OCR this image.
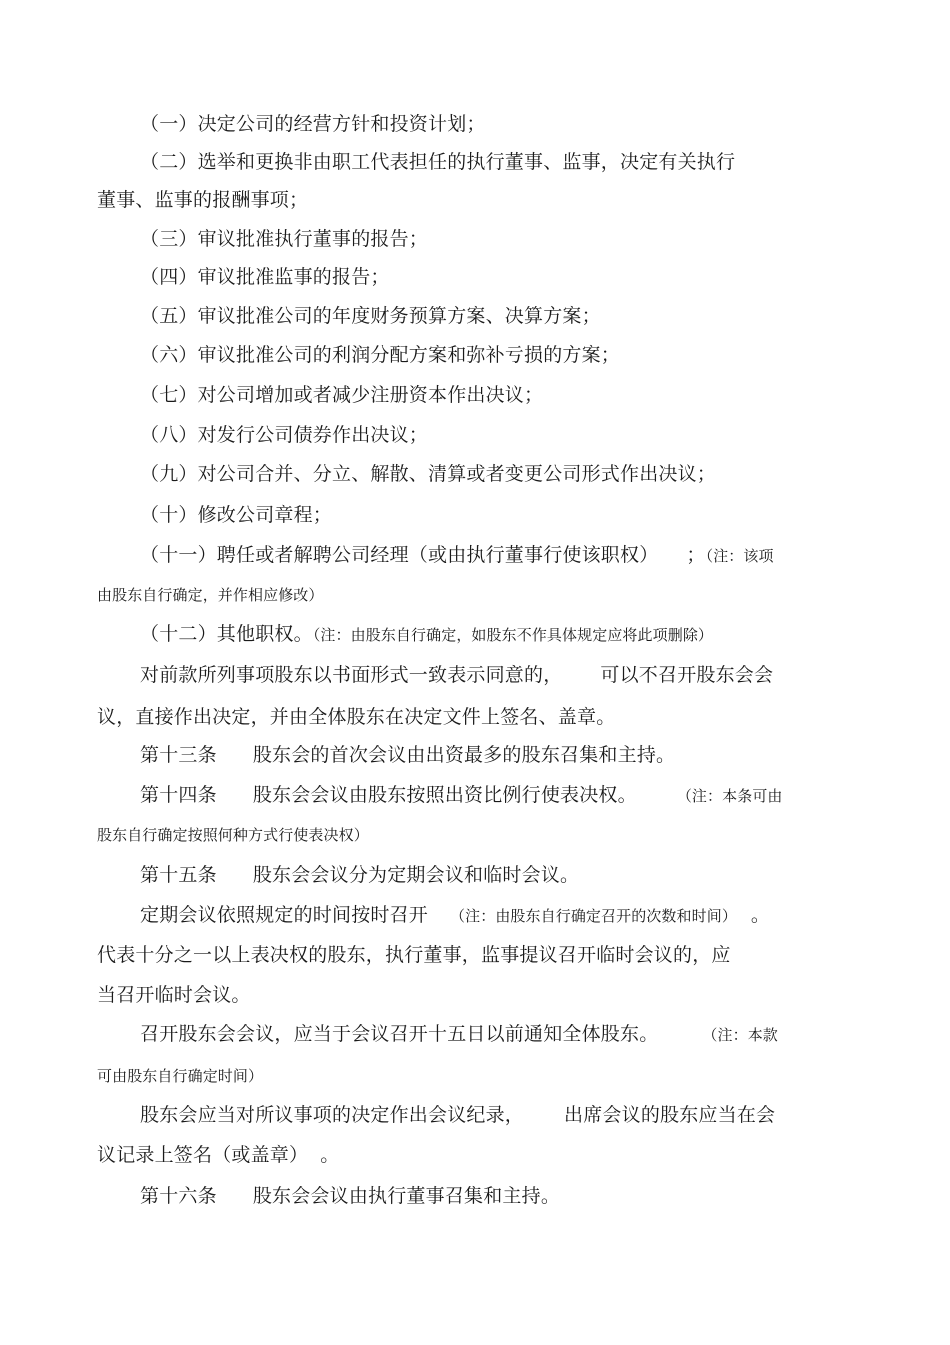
（一）决定公司的经营方针和投资计划；
（二）选举和更换非由职工代表担任的执行董事、监事，决定有关执行
董事、监事的报酬事项；
（三）审议批准执行董事的报告；
（四）审议批准监事的报告；
（五）审议批准公司的年度财务预算方案、决算方案；
（六）审议批准公司的利润分配方案和弥补亏损的方案；
（七）对公司增加或者减少注册资本作出决议；
（八）对发行公司债券作出决议；
（九）对公司合并、分立、解散、清算或者变更公司形式作出决议；
（十）修改公司章程；
（十一）聘任或者解聘公司经理（或由执行董事行使该职权） ；（注：该项
由股东自行确定，并作相应修改）
（十二）其他职权。（注：由股东自行确定，如股东不作具体规定应将此项删除）
对前款所列事项股东以书面形式一致表示同意的， 可以不召开股东会会
议，直接作出决定，并由全体股东在决定文件上签名、盖章。
第十三条 股东会的首次会议由出资最多的股东召集和主持。
第十四条 股东会会议由股东按照出资比例行使表决权。	（注：本条可由
股东自行确定按照何种方式行使表决权）
第十五条 股东会会议分为定期会议和临时会议。
定期会议依照规定的时间按时召开 （注：由股东自行确定召开的次数和时间） 。
代表十分之一以上表决权的股东，执行董事，监事提议召开临时会议的，应
当召开临时会议。
召开股东会会议，应当于会议召开十五日以前通知全体股东。	（注：本款
可由股东自行确定时间）
股东会应当对所议事项的决定作出会议纪录， 出席会议的股东应当在会
议记录上签名（或盖章） 。
第十六条 股东会会议由执行董事召集和主持。
